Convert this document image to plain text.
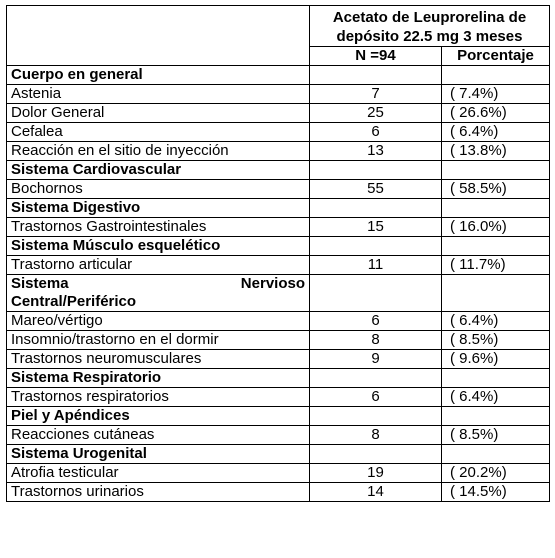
	Acetato de Leuprorelina de
depósito 22.5 mg 3 meses	
	N =94	Porcentaje
Cuerpo en general		
Astenia	7	( 7.4%)
Dolor General	25	( 26.6%)
Cefalea	6	( 6.4%)
Reacción en el sitio de inyección	13	( 13.8%)
Sistema Cardiovascular		
Bochornos	55	( 58.5%)
Sistema Digestivo		
Trastornos Gastrointestinales	15	( 16.0%)
Sistema Músculo esquelético		
Trastorno articular	11	( 11.7%)

Sistema Nervioso
Central/Periférico		

Mareo/vértigo	6	( 6.4%)
Insomnio/trastorno en el dormir	8	( 8.5%)
Trastornos neuromusculares	9	( 9.6%)
Sistema Respiratorio		
Trastornos respiratorios	6	( 6.4%)
Piel y Apéndices		
Reacciones cutáneas	8	( 8.5%)
Sistema Urogenital		
Atrofia testicular	19	( 20.2%)
Trastornos urinarios	14	( 14.5%)
